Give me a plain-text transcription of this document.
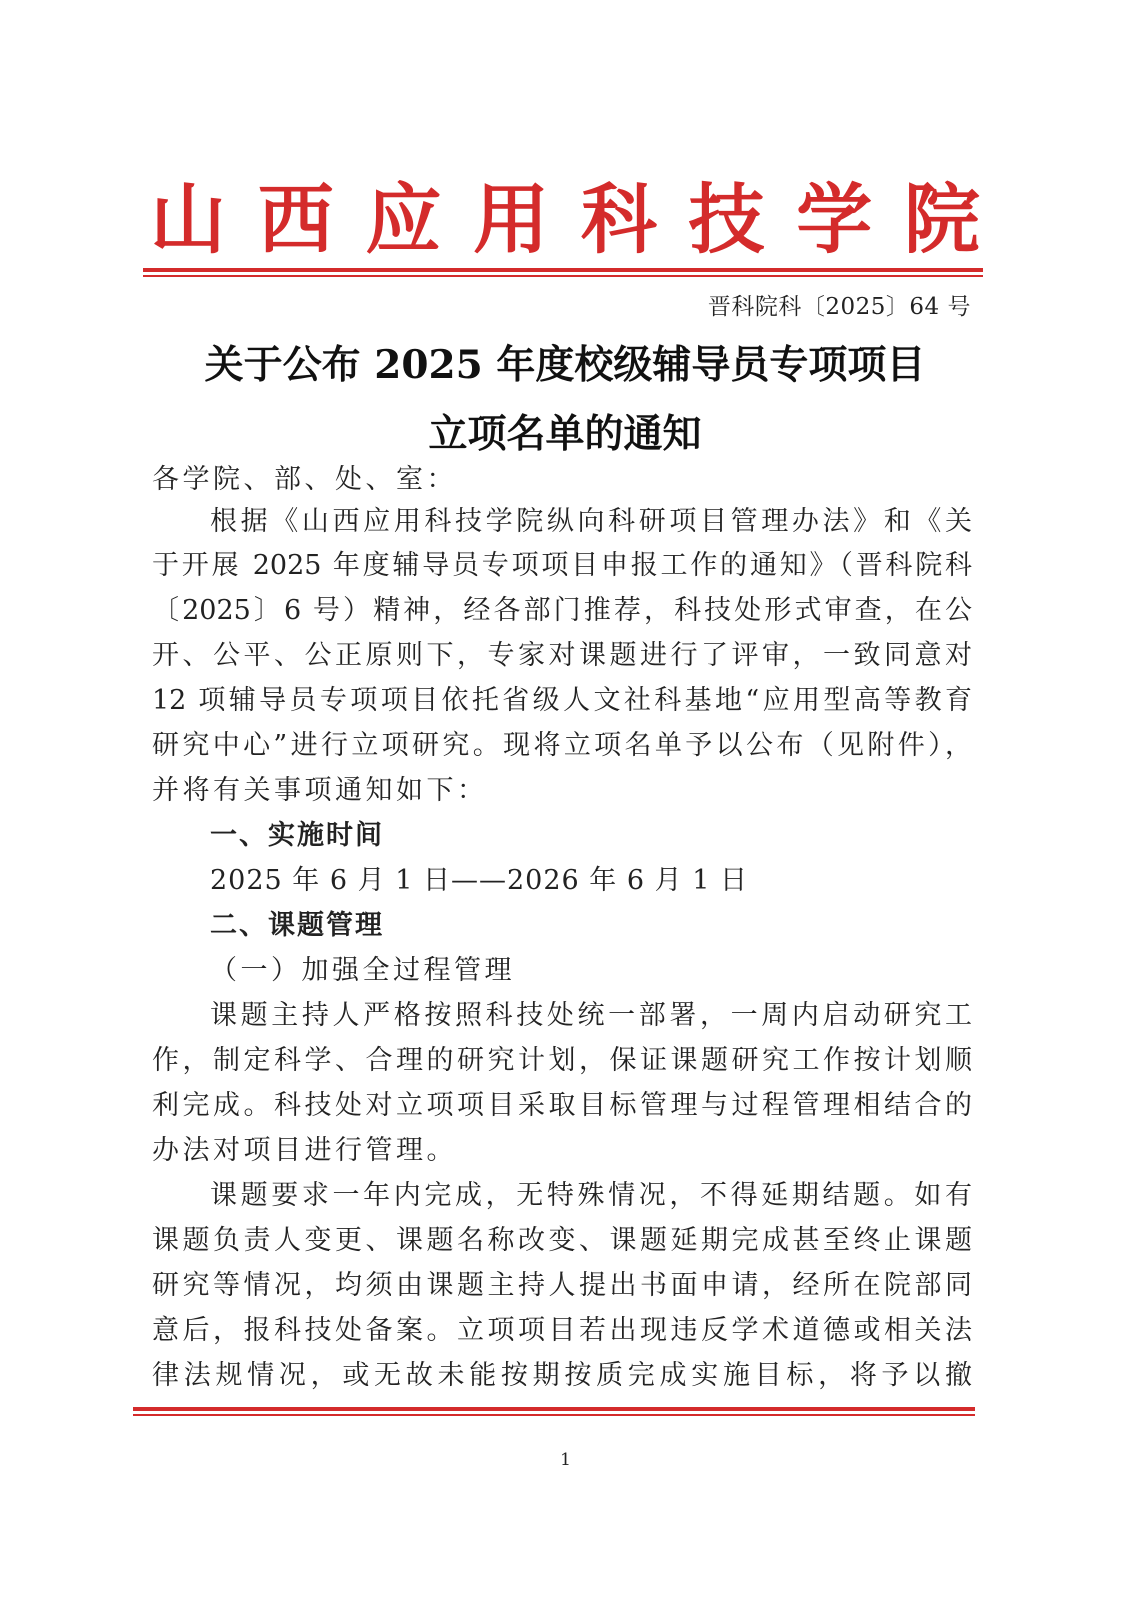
山 西 应 用 科 技 学 院
晋科院科〔2025〕64 号
关于公布 2025 年度校级辅导员专项项目
立项名单的通知
各学院、部、处、室：
根据《山西应用科技学院纵向科研项目管理办法》和《关
于开展 2025 年度辅导员专项项目申报工作的通知》（晋科院科
〔2025〕6 号）精神，经各部门推荐，科技处形式审查，在公
开、公平、公正原则下，专家对课题进行了评审，一致同意对
12 项辅导员专项项目依托省级人文社科基地“应用型高等教育
研究中心”进行立项研究。现将立项名单予以公布（见附件），
并将有关事项通知如下：
一、实施时间
2025 年 6 月 1 日——2026 年 6 月 1 日
二、课题管理
（一）加强全过程管理
课题主持人严格按照科技处统一部署，一周内启动研究工
作，制定科学、合理的研究计划，保证课题研究工作按计划顺
利完成。科技处对立项项目采取目标管理与过程管理相结合的
办法对项目进行管理。
课题要求一年内完成，无特殊情况，不得延期结题。如有
课题负责人变更、课题名称改变、课题延期完成甚至终止课题
研究等情况，均须由课题主持人提出书面申请，经所在院部同
意后，报科技处备案。立项项目若出现违反学术道德或相关法
律法规情况，或无故未能按期按质完成实施目标，将予以撤
1
